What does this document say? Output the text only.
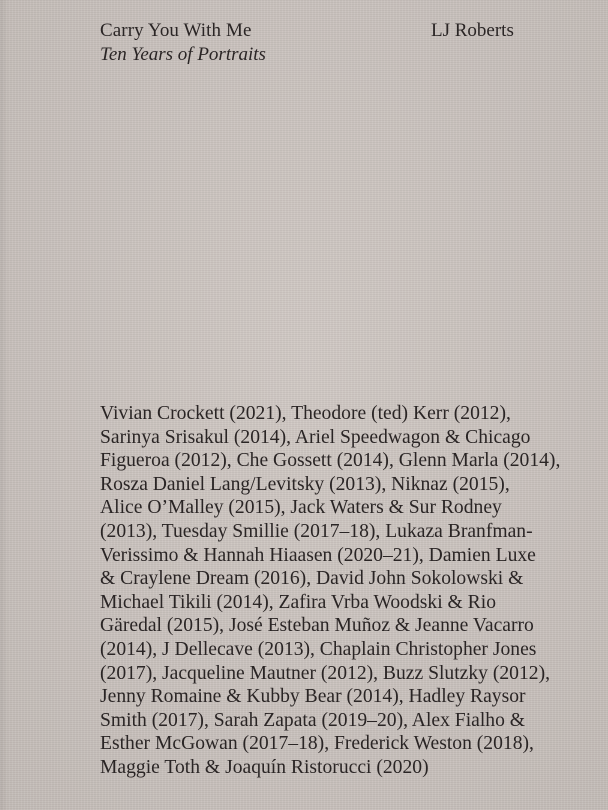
Carry You With Me
Ten Years of Portraits
LJ Roberts
Vivian Crockett (2021), Theodore (ted) Kerr (2012),
Sarinya Srisakul (2014), Ariel Speedwagon & Chicago
Figueroa (2012), Che Gossett (2014), Glenn Marla (2014),
Rosza Daniel Lang/Levitsky (2013), Niknaz (2015),
Alice O’Malley (2015), Jack Waters & Sur Rodney
(2013), Tuesday Smillie (2017–18), Lukaza Branfman-
Verissimo & Hannah Hiaasen (2020–21), Damien Luxe
& Craylene Dream (2016), David John Sokolowski &
Michael Tikili (2014), Zafira Vrba Woodski & Rio
Gäredal (2015), José Esteban Muñoz & Jeanne Vacarro
(2014), J Dellecave (2013), Chaplain Christopher Jones
(2017), Jacqueline Mautner (2012), Buzz Slutzky (2012),
Jenny Romaine & Kubby Bear (2014), Hadley Raysor
Smith (2017), Sarah Zapata (2019–20), Alex Fialho &
Esther McGowan (2017–18), Frederick Weston (2018),
Maggie Toth & Joaquín Ristorucci (2020)
